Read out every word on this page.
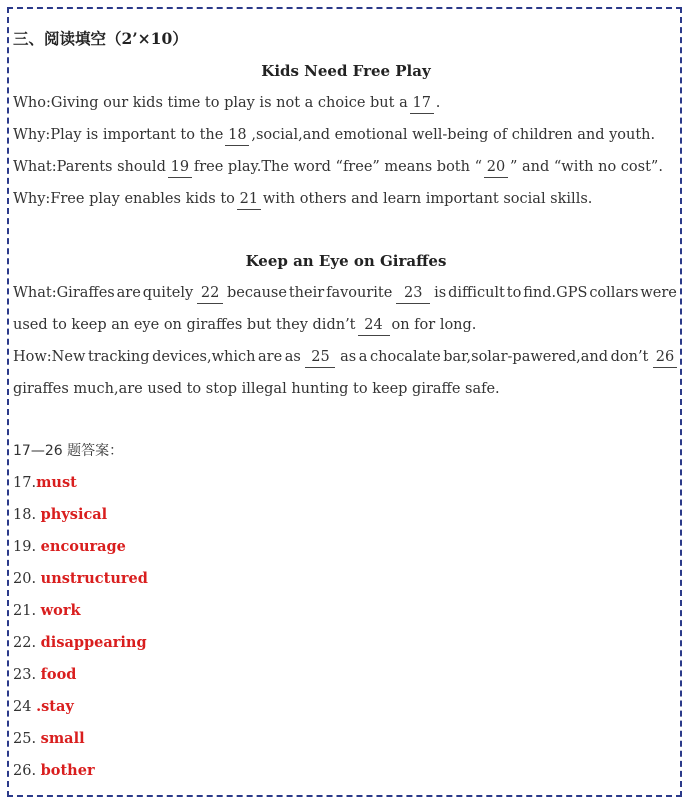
三、阅读填空（2’×10）
Kids Need Free Play
Who:Giving our kids time to play is not a choice but a 17 .
Why:Play is important to the 18 ,social,and emotional well-being of children and youth.
What:Parents should 19 free play.The word “free” means both “ 20 ” and “with no cost”.
Why:Free play enables kids to 21 with others and learn important social skills.
Keep an Eye on Giraffes
What:Giraffes are quitely 22 because their favourite 23 is difficult to find.GPS collars were
used to keep an eye on giraffes but they didn’t 24 on for long.
How:New tracking devices,which are as 25 as a chocalate bar,solar-pawered,and don’t 26
giraffes much,are used to stop illegal hunting to keep giraffe safe.
17—26 题答案：
17.must
18. physical
19. encourage
20. unstructured
21. work
22. disappearing
23. food
24 .stay
25. small
26. bother
